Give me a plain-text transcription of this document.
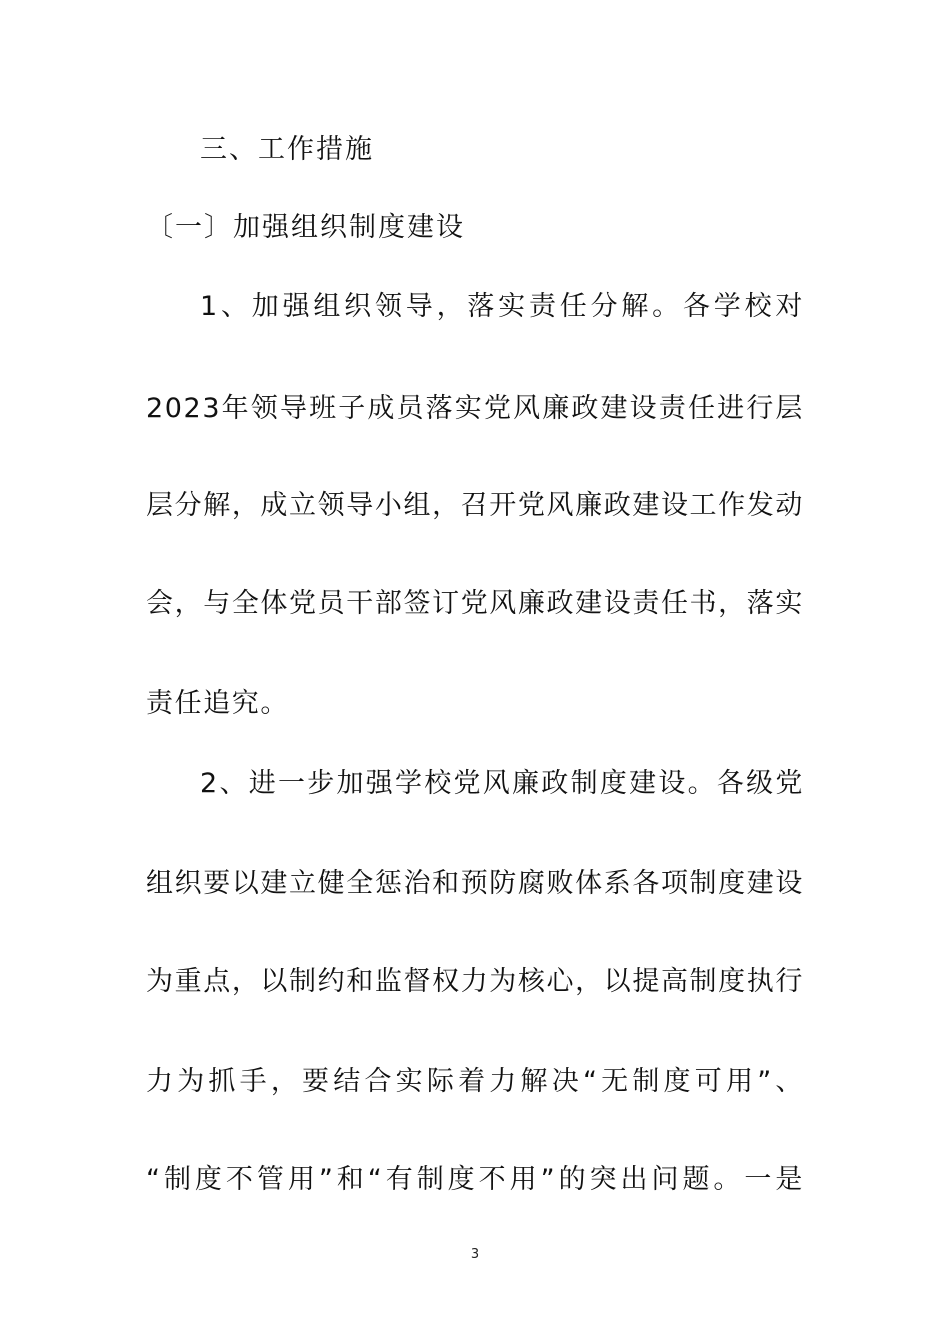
三、工作措施
〔一〕加强组织制度建设
1、加强组织领导，落实责任分解。各学校对
2023年领导班子成员落实党风廉政建设责任进行层
层分解，成立领导小组，召开党风廉政建设工作发动
会，与全体党员干部签订党风廉政建设责任书，落实
责任追究。
2、进一步加强学校党风廉政制度建设。各级党
组织要以建立健全惩治和预防腐败体系各项制度建设
为重点，以制约和监督权力为核心，以提高制度执行
力为抓手，要结合实际着力解决“无制度可用”、
“制度不管用”和“有制度不用”的突出问题。一是
3
